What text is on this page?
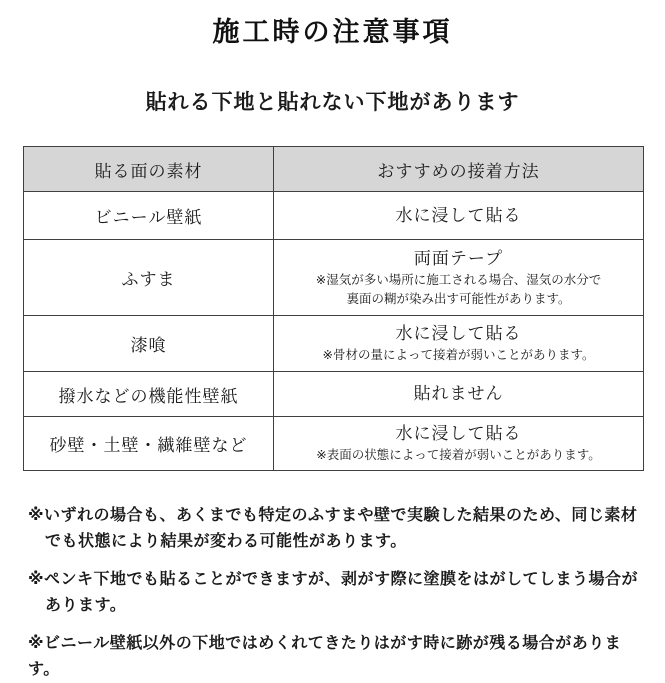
施工時の注意事項
貼れる下地と貼れない下地があります
貼る面の素材	おすすめの接着方法
ビニール壁紙	水に浸して貼る

ふすま	両面テープ
※湿気が多い場所に施工される場合、湿気の水分で
裏面の糊が染み出す可能性があります。

漆喰	水に浸して貼る
※骨材の量によって接着が弱いことがあります。

撥水などの機能性壁紙	貼れません

砂壁・土壁・繊維壁など	水に浸して貼る
※表面の状態によって接着が弱いことがあります。
※いずれの場合も、あくまでも特定のふすまや壁で実験した結果のため、同じ素材
でも状態により結果が変わる可能性があります。
※ペンキ下地でも貼ることができますが、剥がす際に塗膜をはがしてしまう場合が
あります。
※ビニール壁紙以外の下地ではめくれてきたりはがす時に跡が残る場合があります。
